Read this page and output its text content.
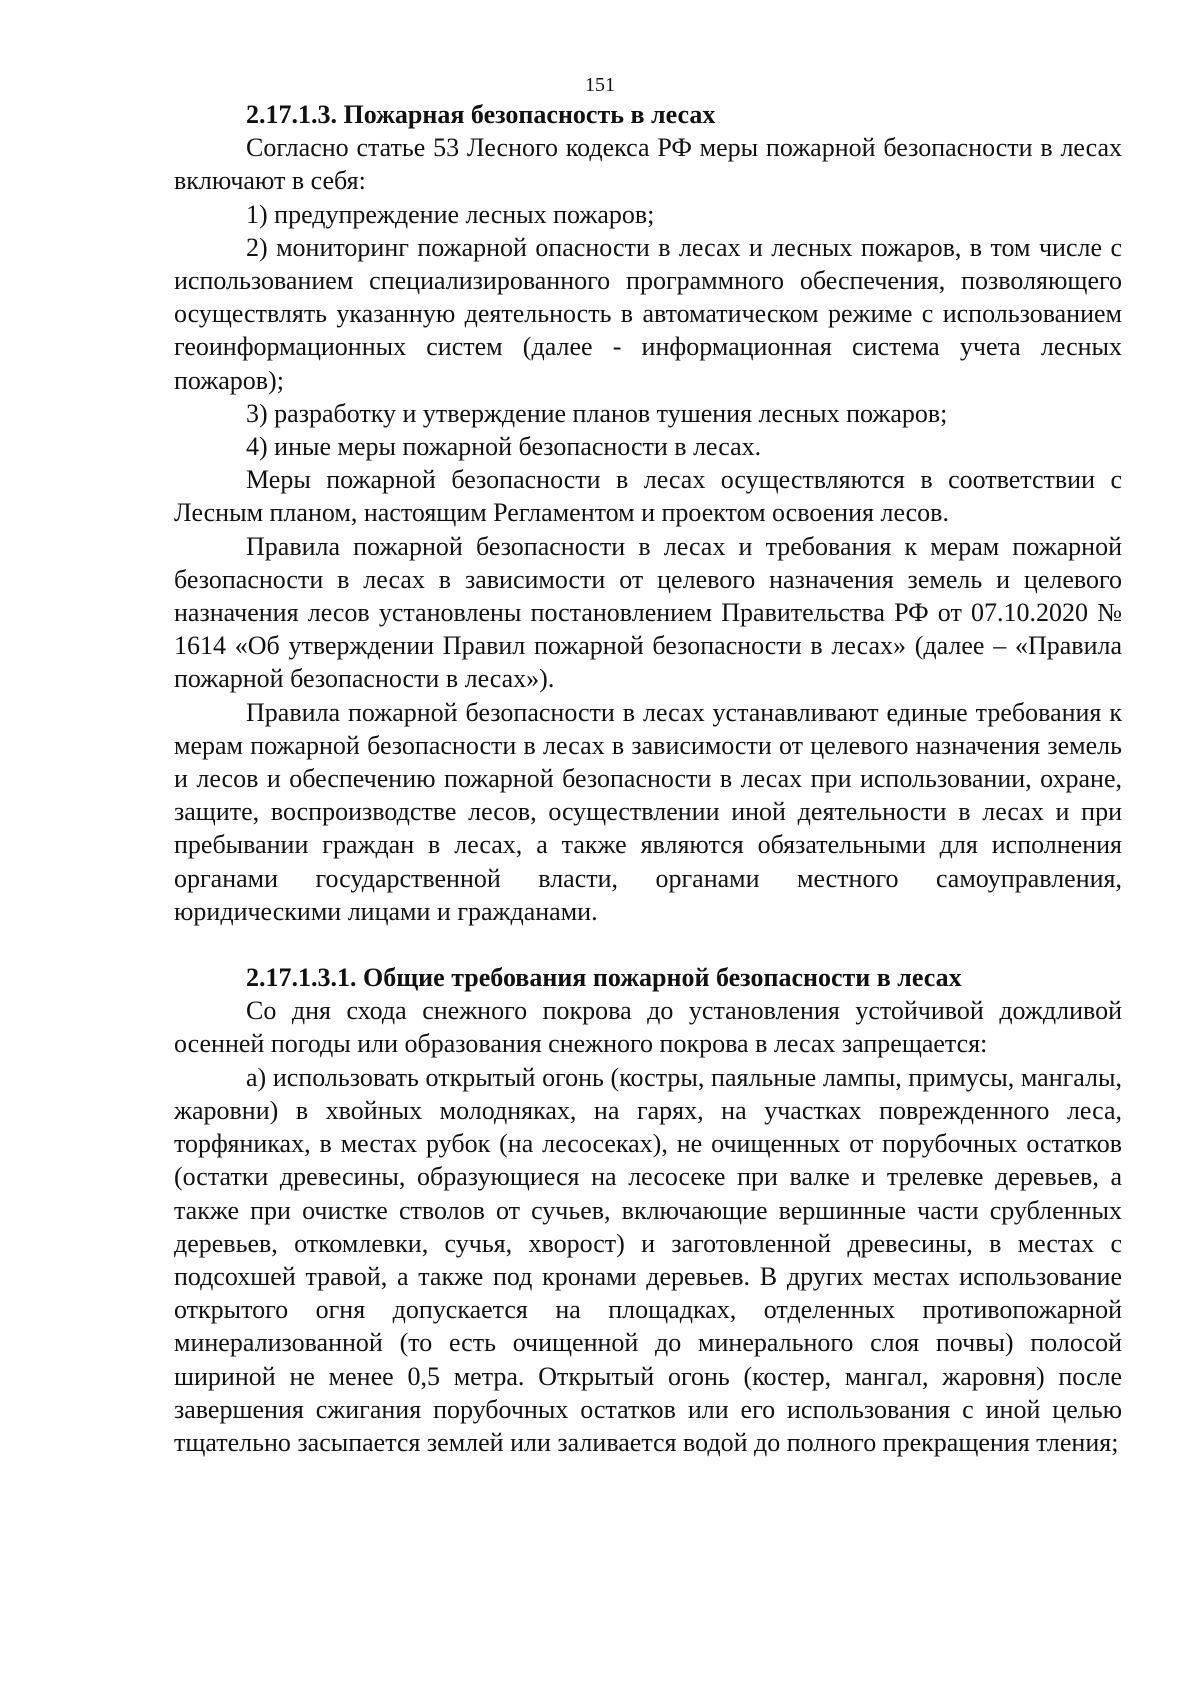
151
2.17.1.3. Пожарная безопасность в лесах

Согласно статье 53 Лесного кодекса РФ меры пожарной безопасности в лесах включают в себя:

1) предупреждение лесных пожаров;

2) мониторинг пожарной опасности в лесах и лесных пожаров, в том числе с использованием специализированного программного обеспечения, позволяющего осуществлять указанную деятельность в автоматическом режиме с использованием геоинформационных систем (далее - информационная система учета лесных пожаров);

3) разработку и утверждение планов тушения лесных пожаров;

4) иные меры пожарной безопасности в лесах.

Меры пожарной безопасности в лесах осуществляются в соответствии с Лесным планом, настоящим Регламентом и проектом освоения лесов.

Правила пожарной безопасности в лесах и требования к мерам пожарной безопасности в лесах в зависимости от целевого назначения земель и целевого назначения лесов установлены постановлением Правительства РФ от 07.10.2020 № 1614 «Об утверждении Правил пожарной безопасности в лесах» (далее – «Правила пожарной безопасности в лесах»).

Правила пожарной безопасности в лесах устанавливают единые требования к мерам пожарной безопасности в лесах в зависимости от целевого назначения земель и лесов и обеспечению пожарной безопасности в лесах при использовании, охране, защите, воспроизводстве лесов, осуществлении иной деятельности в лесах и при пребывании граждан в лесах, а также являются обязательными для исполнения органами государственной власти, органами местного самоуправления, юридическими лицами и гражданами.

2.17.1.3.1. Общие требования пожарной безопасности в лесах

Со дня схода снежного покрова до установления устойчивой дождливой осенней погоды или образования снежного покрова в лесах запрещается:

а) использовать открытый огонь (костры, паяльные лампы, примусы, мангалы, жаровни) в хвойных молодняках, на гарях, на участках поврежденного леса, торфяниках, в местах рубок (на лесосеках), не очищенных от порубочных остатков (остатки древесины, образующиеся на лесосеке при валке и трелевке деревьев, а также при очистке стволов от сучьев, включающие вершинные части срубленных деревьев, откомлевки, сучья, хворост) и заготовленной древесины, в местах с подсохшей травой, а также под кронами деревьев. В других местах использование открытого огня допускается на площадках, отделенных противопожарной минерализованной (то есть очищенной до минерального слоя почвы) полосой шириной не менее 0,5 метра. Открытый огонь (костер, мангал, жаровня) после завершения сжигания порубочных остатков или его использования с иной целью тщательно засыпается землей или заливается водой до полного прекращения тления;
